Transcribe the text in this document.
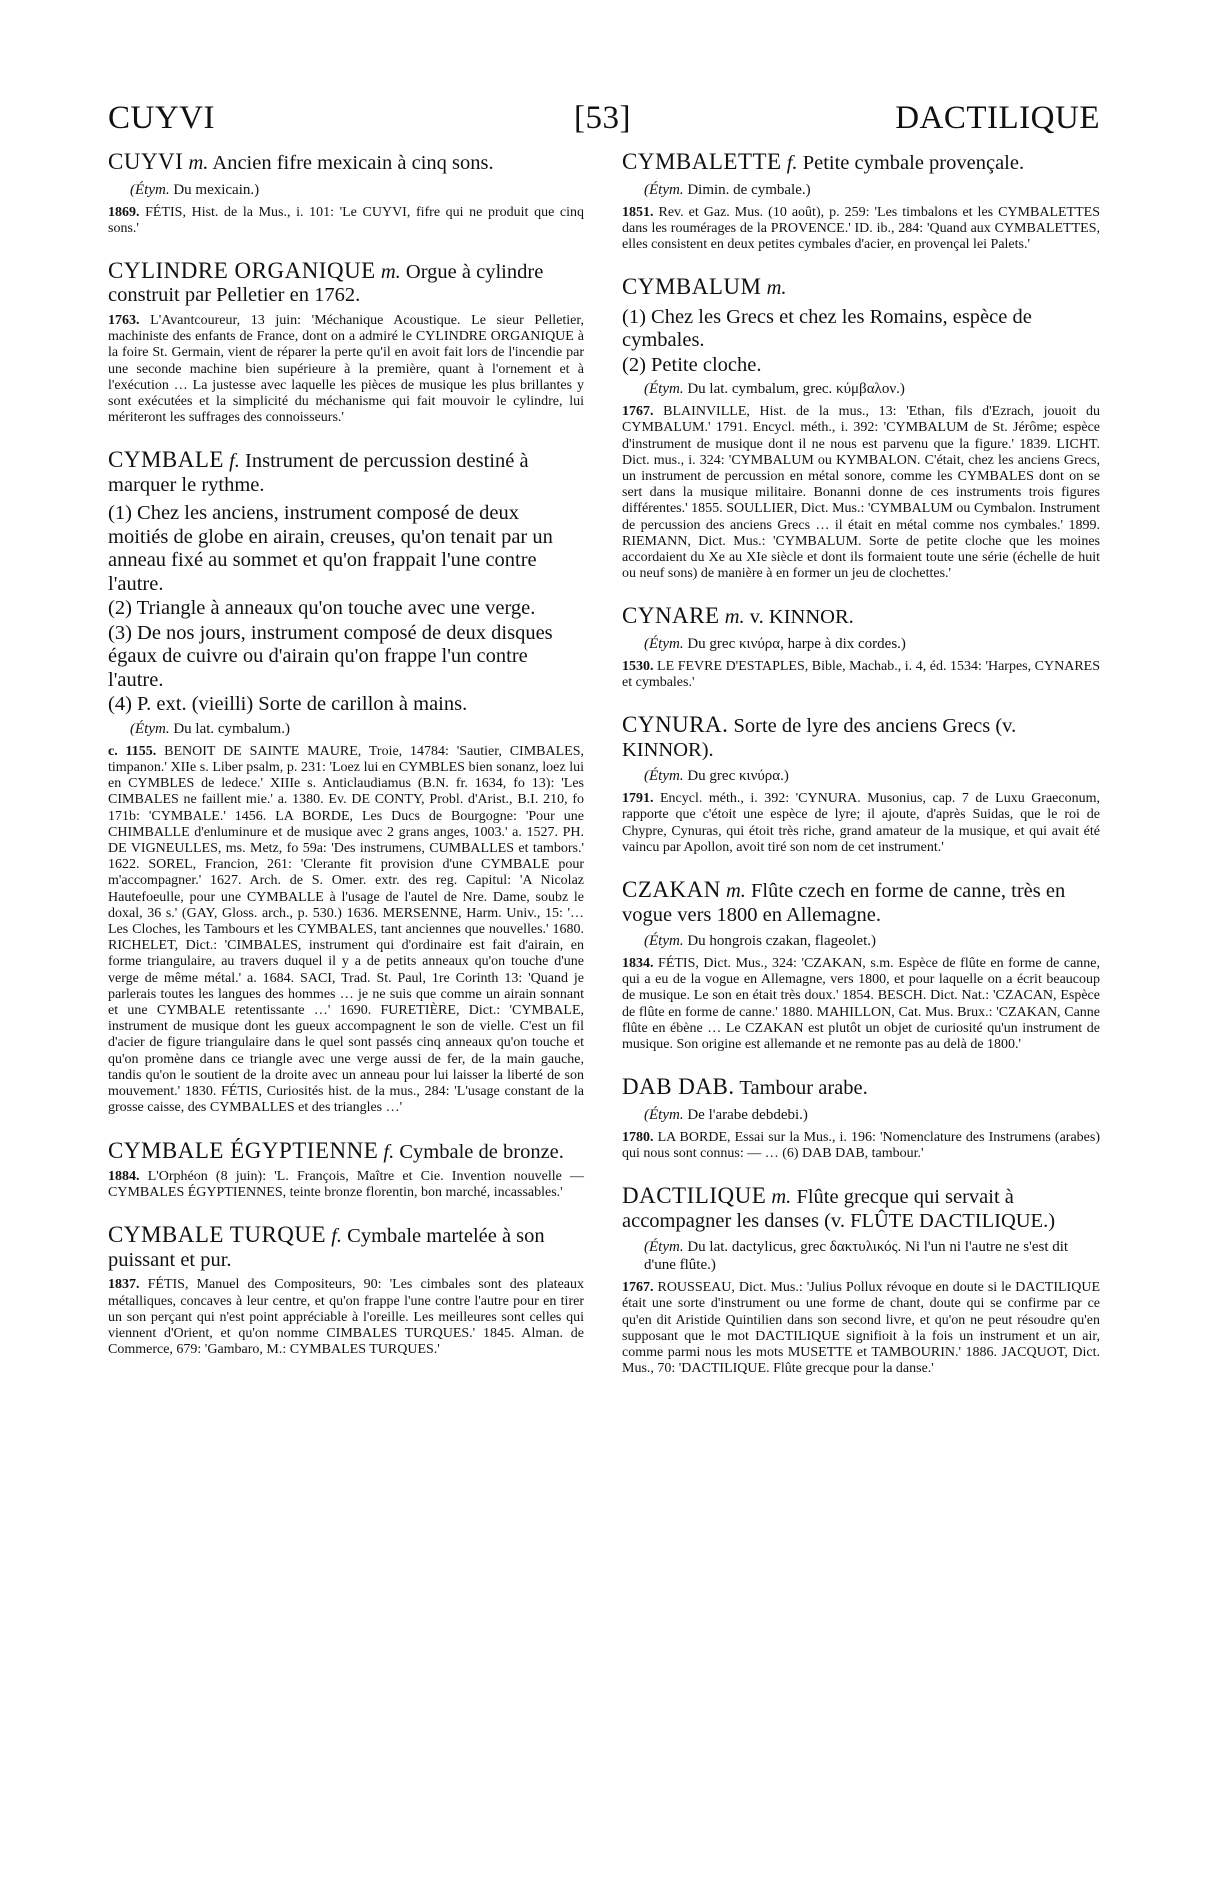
CUYVI	[53]	DACTILIQUE

CUYVI m. Ancien fifre mexicain à cinq sons.

(Étym. Du mexicain.)

1869. FÉTIS, Hist. de la Mus., i. 101: 'Le CUYVI, fifre qui ne produit que cinq sons.'

CYLINDRE ORGANIQUE m. Orgue à cylindre construit par Pelletier en 1762.

1763. L'Avantcoureur, 13 juin: 'Méchanique Acoustique. Le sieur Pelletier, machiniste des enfants de France, dont on a admiré le CYLINDRE ORGANIQUE à la foire St. Germain, vient de réparer la perte qu'il en avoit fait lors de l'incendie par une seconde machine bien supérieure à la première, quant à l'ornement et à l'exécution … La justesse avec laquelle les pièces de musique les plus brillantes y sont exécutées et la simplicité du méchanisme qui fait mouvoir le cylindre, lui mériteront les suffrages des connoisseurs.'

CYMBALE f. Instrument de percussion destiné à marquer le rythme.

(1) Chez les anciens, instrument composé de deux moitiés de globe en airain, creuses, qu'on tenait par un anneau fixé au sommet et qu'on frappait l'une contre l'autre.

(2) Triangle à anneaux qu'on touche avec une verge.

(3) De nos jours, instrument composé de deux disques égaux de cuivre ou d'airain qu'on frappe l'un contre l'autre.

(4) P. ext. (vieilli) Sorte de carillon à mains.

(Étym. Du lat. cymbalum.)

c. 1155. BENOIT DE SAINTE MAURE, Troie, 14784: 'Sautier, CIMBALES, timpanon.' XIIe s. Liber psalm, p. 231: 'Loez lui en CYMBLES bien sonanz, loez lui en CYMBLES de ledece.' XIIIe s. Anticlaudiamus (B.N. fr. 1634, fo 13): 'Les CIMBALES ne faillent mie.' a. 1380. Ev. DE CONTY, Probl. d'Arist., B.I. 210, fo 171b: 'CYMBALE.' 1456. LA BORDE, Les Ducs de Bourgogne: 'Pour une CHIMBALLE d'enluminure et de musique avec 2 grans anges, 1003.' a. 1527. PH. DE VIGNEULLES, ms. Metz, fo 59a: 'Des instrumens, CUMBALLES et tambors.' 1622. SOREL, Francion, 261: 'Clerante fit provision d'une CYMBALE pour m'accompagner.' 1627. Arch. de S. Omer. extr. des reg. Capitul: 'A Nicolaz Hautefoeulle, pour une CYMBALLE à l'usage de l'autel de Nre. Dame, soubz le doxal, 36 s.' (GAY, Gloss. arch., p. 530.) 1636. MERSENNE, Harm. Univ., 15: '… Les Cloches, les Tambours et les CYMBALES, tant anciennes que nouvelles.' 1680. RICHELET, Dict.: 'CIMBALES, instrument qui d'ordinaire est fait d'airain, en forme triangulaire, au travers duquel il y a de petits anneaux qu'on touche d'une verge de même métal.' a. 1684. SACI, Trad. St. Paul, 1re Corinth 13: 'Quand je parlerais toutes les langues des hommes … je ne suis que comme un airain sonnant et une CYMBALE retentissante …' 1690. FURETIÈRE, Dict.: 'CYMBALE, instrument de musique dont les gueux accompagnent le son de vielle. C'est un fil d'acier de figure triangulaire dans le quel sont passés cinq anneaux qu'on touche et qu'on promène dans ce triangle avec une verge aussi de fer, de la main gauche, tandis qu'on le soutient de la droite avec un anneau pour lui laisser la liberté de son mouvement.' 1830. FÉTIS, Curiosités hist. de la mus., 284: 'L'usage constant de la grosse caisse, des CYMBALLES et des triangles …'

CYMBALE ÉGYPTIENNE f. Cymbale de bronze.

1884. L'Orphéon (8 juin): 'L. François, Maître et Cie. Invention nouvelle — CYMBALES ÉGYPTIENNES, teinte bronze florentin, bon marché, incassables.'

CYMBALE TURQUE f. Cymbale martelée à son puissant et pur.

1837. FÉTIS, Manuel des Compositeurs, 90: 'Les cimbales sont des plateaux métalliques, concaves à leur centre, et qu'on frappe l'une contre l'autre pour en tirer un son perçant qui n'est point appréciable à l'oreille. Les meilleures sont celles qui viennent d'Orient, et qu'on nomme CIMBALES TURQUES.' 1845. Alman. de Commerce, 679: 'Gambaro, M.: CYMBALES TURQUES.'

CYMBALETTE f. Petite cymbale provençale.

(Étym. Dimin. de cymbale.)

1851. Rev. et Gaz. Mus. (10 août), p. 259: 'Les timbalons et les CYMBALETTES dans les roumérages de la PROVENCE.' ID. ib., 284: 'Quand aux CYMBALETTES, elles consistent en deux petites cymbales d'acier, en provençal lei Palets.'

CYMBALUM m.

(1) Chez les Grecs et chez les Romains, espèce de cymbales.

(2) Petite cloche.

(Étym. Du lat. cymbalum, grec. κύμβαλον.)

1767. BLAINVILLE, Hist. de la mus., 13: 'Ethan, fils d'Ezrach, jouoit du CYMBALUM.' 1791. Encycl. méth., i. 392: 'CYMBALUM de St. Jérôme; espèce d'instrument de musique dont il ne nous est parvenu que la figure.' 1839. LICHT. Dict. mus., i. 324: 'CYMBALUM ou KYMBALON. C'était, chez les anciens Grecs, un instrument de percussion en métal sonore, comme les CYMBALES dont on se sert dans la musique militaire. Bonanni donne de ces instruments trois figures différentes.' 1855. SOULLIER, Dict. Mus.: 'CYMBALUM ou Cymbalon. Instrument de percussion des anciens Grecs … il était en métal comme nos cymbales.' 1899. RIEMANN, Dict. Mus.: 'CYMBALUM. Sorte de petite cloche que les moines accordaient du Xe au XIe siècle et dont ils formaient toute une série (échelle de huit ou neuf sons) de manière à en former un jeu de clochettes.'

CYNARE m. v. KINNOR.

(Étym. Du grec κινύρα, harpe à dix cordes.)

1530. LE FEVRE D'ESTAPLES, Bible, Machab., i. 4, éd. 1534: 'Harpes, CYNARES et cymbales.'

CYNURA. Sorte de lyre des anciens Grecs (v. KINNOR).

(Étym. Du grec κινύρα.)

1791. Encycl. méth., i. 392: 'CYNURA. Musonius, cap. 7 de Luxu Graeconum, rapporte que c'étoit une espèce de lyre; il ajoute, d'après Suidas, que le roi de Chypre, Cynuras, qui étoit très riche, grand amateur de la musique, et qui avait été vaincu par Apollon, avoit tiré son nom de cet instrument.'

CZAKAN m. Flûte czech en forme de canne, très en vogue vers 1800 en Allemagne.

(Étym. Du hongrois czakan, flageolet.)

1834. FÉTIS, Dict. Mus., 324: 'CZAKAN, s.m. Espèce de flûte en forme de canne, qui a eu de la vogue en Allemagne, vers 1800, et pour laquelle on a écrit beaucoup de musique. Le son en était très doux.' 1854. BESCH. Dict. Nat.: 'CZACAN, Espèce de flûte en forme de canne.' 1880. MAHILLON, Cat. Mus. Brux.: 'CZAKAN, Canne flûte en ébène … Le CZAKAN est plutôt un objet de curiosité qu'un instrument de musique. Son origine est allemande et ne remonte pas au delà de 1800.'

DAB DAB. Tambour arabe.

(Étym. De l'arabe debdebi.)

1780. LA BORDE, Essai sur la Mus., i. 196: 'Nomenclature des Instrumens (arabes) qui nous sont connus: — … (6) DAB DAB, tambour.'

DACTILIQUE m. Flûte grecque qui servait à accompagner les danses (v. FLÛTE DACTILIQUE.)

(Étym. Du lat. dactylicus, grec δακτυλικός. Ni l'un ni l'autre ne s'est dit d'une flûte.)

1767. ROUSSEAU, Dict. Mus.: 'Julius Pollux révoque en doute si le DACTILIQUE était une sorte d'instrument ou une forme de chant, doute qui se confirme par ce qu'en dit Aristide Quintilien dans son second livre, et qu'on ne peut résoudre qu'en supposant que le mot DACTILIQUE signifioit à la fois un instrument et un air, comme parmi nous les mots MUSETTE et TAMBOURIN.' 1886. JACQUOT, Dict. Mus., 70: 'DACTILIQUE. Flûte grecque pour la danse.'
